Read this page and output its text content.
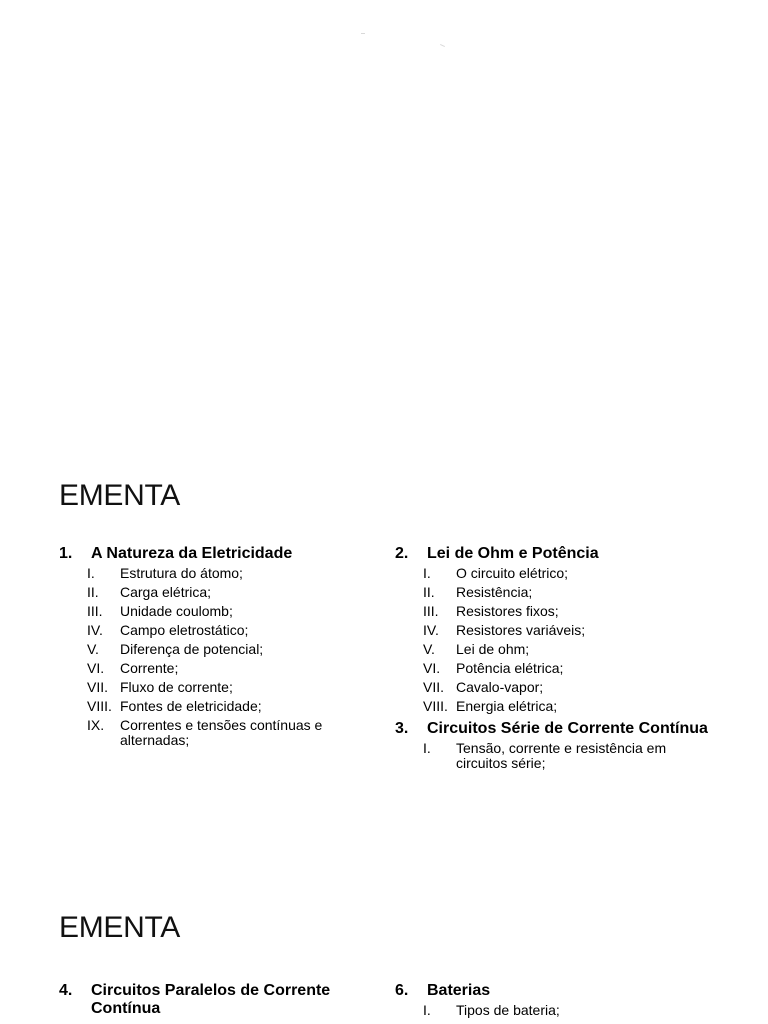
EMENTA
1.	A Natureza da Eletricidade
I.	Estrutura do átomo;
II.	Carga elétrica;
III.	Unidade coulomb;
IV.	Campo eletrostático;
V.	Diferença de potencial;
VI.	Corrente;
VII. Fluxo de corrente;
VIII. Fontes de eletricidade;
IX.	Correntes e tensões contínuas e alternadas;
2.	Lei de Ohm e Potência
I.	O circuito elétrico;
II.	Resistência;
III.	Resistores fixos;
IV.	Resistores variáveis;
V.	Lei de ohm;
VI.	Potência elétrica;
VII. Cavalo-vapor;
VIII. Energia elétrica;
3.	Circuitos Série de Corrente Contínua
I.	Tensão, corrente e resistência em circuitos série;
EMENTA
4.	Circuitos Paralelos de Corrente Contínua
6.	Baterias
I.	Tipos de bateria;
